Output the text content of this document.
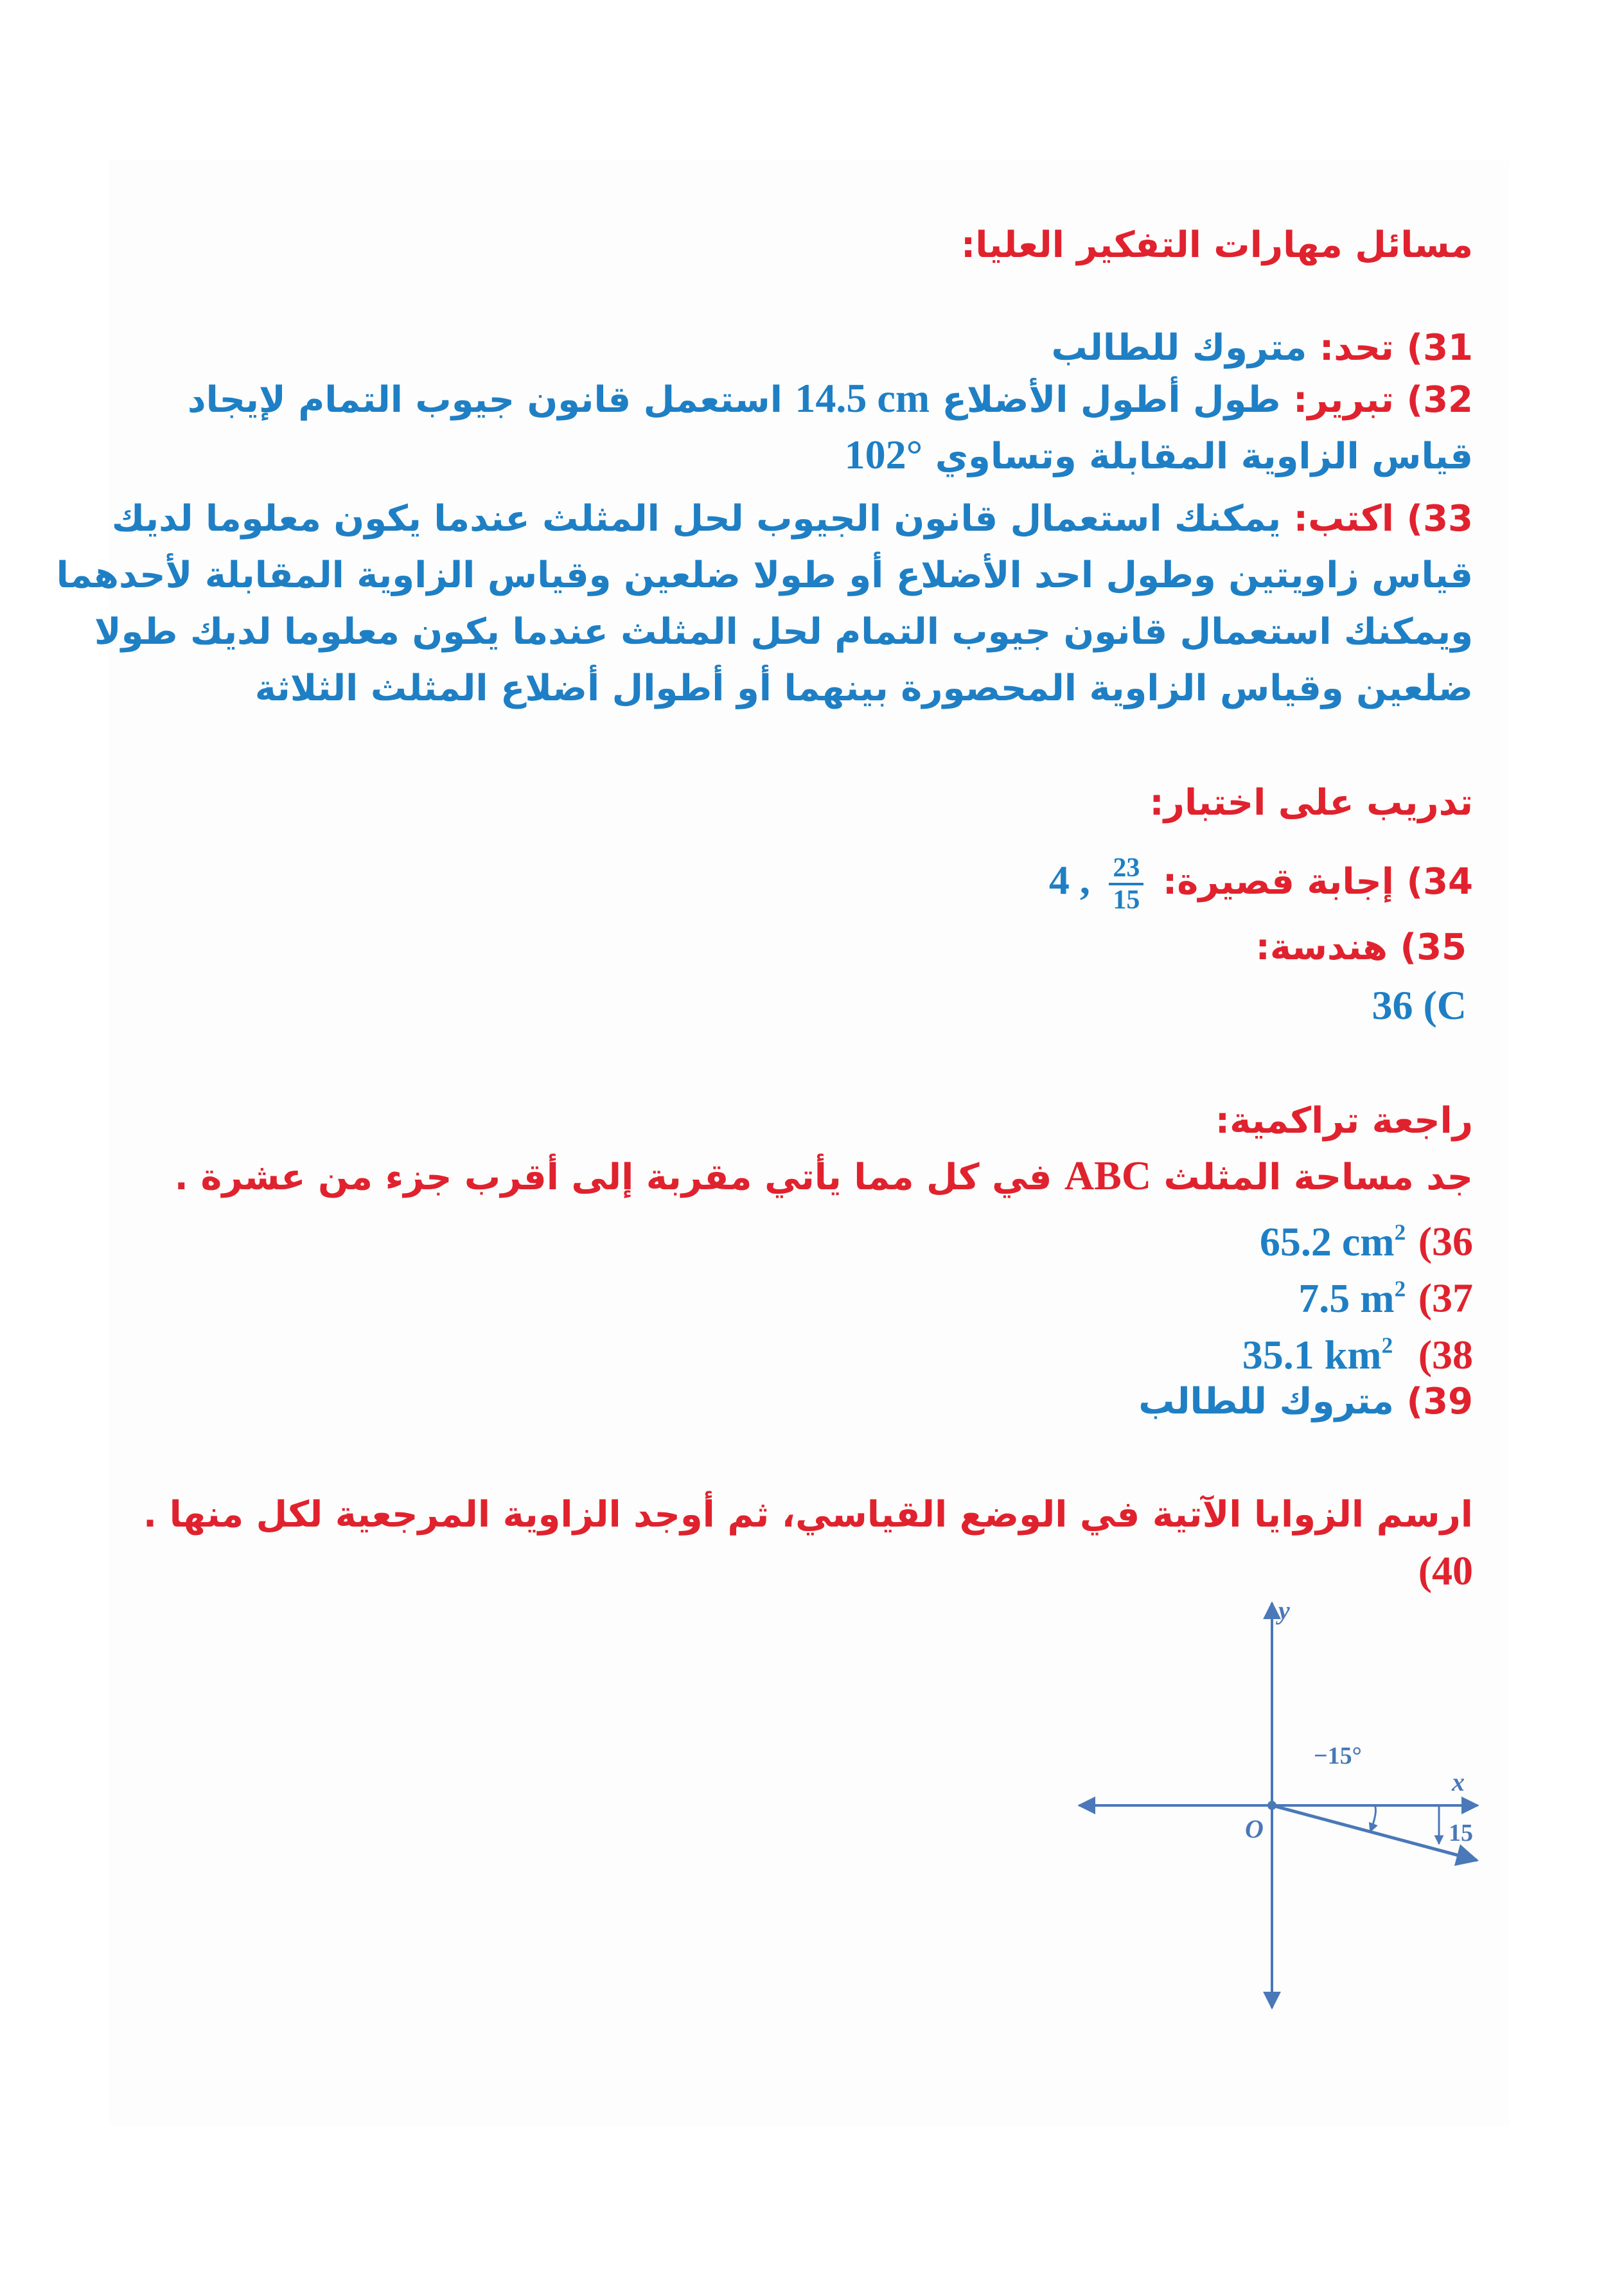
مسائل مهارات التفكير العليا:
31) تحد: متروك للطالب
32) تبرير: طول أطول الأضلاع 14.5 cm استعمل قانون جيوب التمام لإيجاد
قياس الزاوية المقابلة وتساوي 102°
33) اكتب: يمكنك استعمال قانون الجيوب لحل المثلث عندما يكون معلوما لديك
قياس زاويتين وطول احد الأضلاع أو طولا ضلعين وقياس الزاوية المقابلة لأحدهما
ويمكنك استعمال قانون جيوب التمام لحل المثلث عندما يكون معلوما لديك طولا
ضلعين وقياس الزاوية المحصورة بينهما أو أطوال أضلاع المثلث الثلاثة
تدريب على اختبار:
34) إجابة قصيرة:
$\frac{23}{15}$
, 4
35) هندسة:
36 (C
راجعة تراكمية:
جد مساحة المثلث ABC في كل مما يأتي مقربة إلى أقرب جزء من عشرة .
65.2 $cm^2$ (36
7.5 $m^2$ (37
35.1 $km^2$ (38
39) متروك للطالب
ارسم الزوايا الآتية في الوضع القياسي، ثم أوجد الزاوية المرجعية لكل منها .
(40
y
x
O
−15°
15
